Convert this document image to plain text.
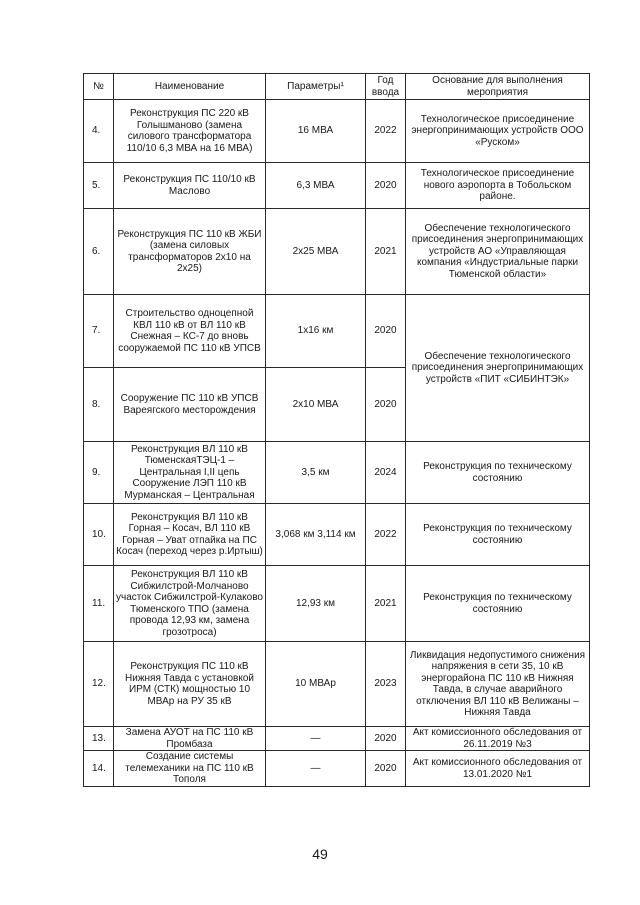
№	Наименование	Параметры¹	Год ввода	Основание для выполнения мероприятия
4.	Реконструкция ПС 220 кВ Голышманово (замена силового трансформатора 110/10 6,3 МВА на 16 МВА)	16 МВА	2022	Технологическое присоединение энергопринимающих устройств ООО «Руском»
5.	Реконструкция ПС 110/10 кВ Маслово	6,3 МВА	2020	Технологическое присоединение нового аэропорта в Тобольском районе.
6.	Реконструкция ПС 110 кВ ЖБИ (замена силовых трансформаторов 2х10 на 2х25)	2х25 МВА	2021	Обеспечение технологического присоединения энергопринимающих устройств АО «Управляющая компания «Индустриальные парки Тюменской области»
7.	Строительство одноцепной КВЛ 110 кВ от ВЛ 110 кВ Снежная – КС-7 до вновь сооружаемой ПС 110 кВ УПСВ	1х16 км	2020	Обеспечение технологического присоединения энергопринимающих устройств «ПИТ «СИБИНТЭК»
8.	Сооружение ПС 110 кВ УПСВ Вареягского месторождения	2х10 МВА	2020	
9.	Реконструкция ВЛ 110 кВ ТюменскаяТЭЦ-1 – Центральная I,II цепь Сооружение ЛЭП 110 кВ Мурманская – Центральная	3,5 км	2024	Реконструкция по техническому состоянию
10.	Реконструкция ВЛ 110 кВ Горная – Косач, ВЛ 110 кВ Горная – Уват отпайка на ПС Косач (переход через р.Иртыш)	3,068 км 3,114 км	2022	Реконструкция по техническому состоянию
11.	Реконструкция ВЛ 110 кВ Сибжилстрой-Молчаново участок Сибжилстрой-Кулаково Тюменского ТПО (замена провода 12,93 км, замена грозотроса)	12,93 км	2021	Реконструкция по техническому состоянию
12.	Реконструкция ПС 110 кВ Нижняя Тавда с установкой ИРМ (СТК) мощностью 10 МВАр на РУ 35 кВ	10 МВАр	2023	Ликвидация недопустимого снижения напряжения в сети 35, 10 кВ энергорайона ПС 110 кВ Нижняя Тавда, в случае аварийного отключения ВЛ 110 кВ Велижаны – Нижняя Тавда
13.	Замена АУОТ на ПС 110 кВ Промбаза	—	2020	Акт комиссионного обследования от 26.11.2019 №3
14.	Создание системы телемеханики на ПС 110 кВ Тополя	—	2020	Акт комиссионного обследования от 13.01.2020 №1
49
